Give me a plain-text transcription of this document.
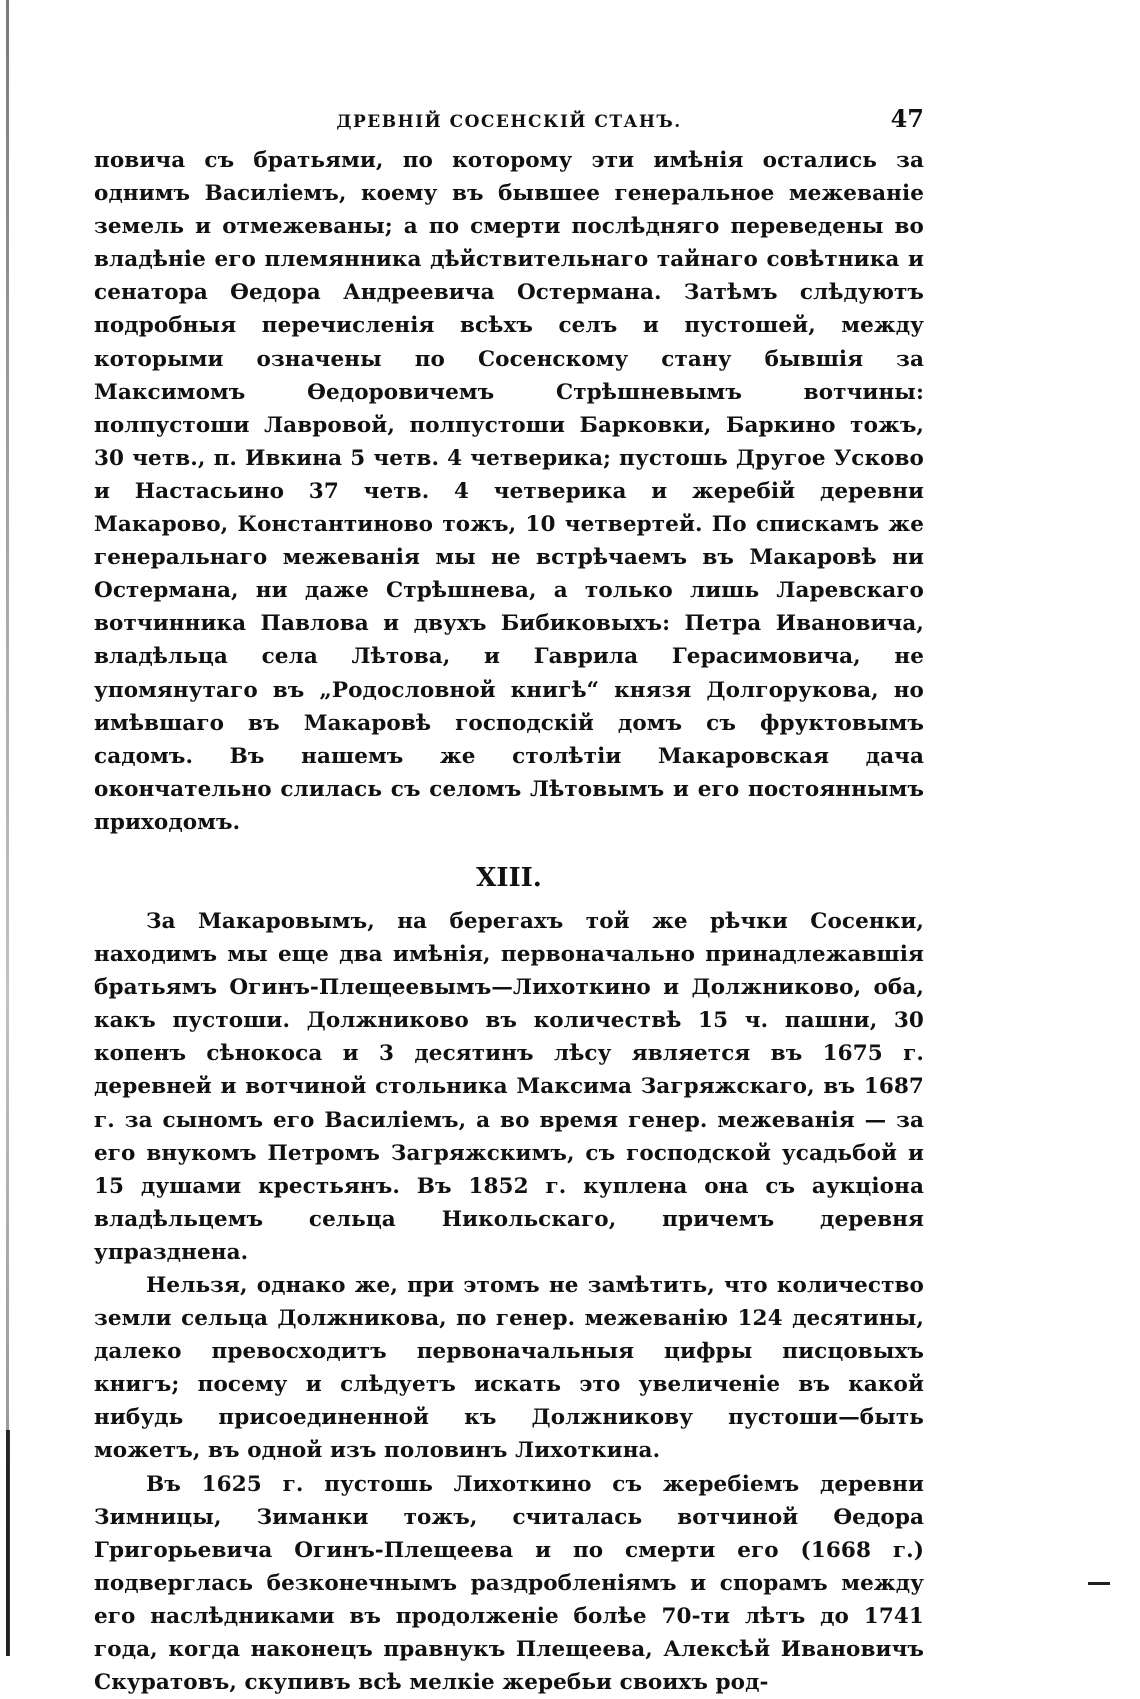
ДРЕВНІЙ СОСЕНСКІЙ СТАНЪ.	47

повича съ братьями, по которому эти имѣнія остались за однимъ Василіемъ, коему въ бывшее генеральное межеваніе земель и отмежеваны; а по смерти послѣдняго переведены во владѣніе его племянника дѣйствительнаго тайнаго совѣтника и сенатора Ѳедора Андреевича Остермана. Затѣмъ слѣдуютъ подробныя перечисленія всѣхъ селъ и пустошей, между которыми означены по Сосенскому стану бывшія за Максимомъ Ѳедоровичемъ Стрѣшневымъ вотчины: полпустоши Лавровой, полпустоши Барковки, Баркино тожъ, 30 четв., п. Ивкина 5 четв. 4 четверика; пустошь Другое Усково и Настасьино 37 четв. 4 четверика и жеребій деревни Макарово, Константиново тожъ, 10 четвертей. По спискамъ же генеральнаго межеванія мы не встрѣчаемъ въ Макаровѣ ни Остермана, ни даже Стрѣшнева, а только лишь Ларевскаго вотчинника Павлова и двухъ Бибиковыхъ: Петра Ивановича, владѣльца села Лѣтова, и Гаврила Герасимовича, не упомянутаго въ „Родословной книгѣ“ князя Долгорукова, но имѣвшаго въ Макаровѣ господскій домъ съ фруктовымъ садомъ. Въ нашемъ же столѣтіи Макаровская дача окончательно слилась съ селомъ Лѣтовымъ и его постояннымъ приходомъ.

XIII.

За Макаровымъ, на берегахъ той же рѣчки Сосенки, находимъ мы еще два имѣнія, первоначально принадлежавшія братьямъ Огинъ-Плещеевымъ—Лихоткино и Должниково, оба, какъ пустоши. Должниково въ количествѣ 15 ч. пашни, 30 копенъ сѣнокоса и 3 десятинъ лѣсу является въ 1675 г. деревней и вотчиной стольника Максима Загряжскаго, въ 1687 г. за сыномъ его Василіемъ, а во время генер. межеванія — за его внукомъ Петромъ Загряжскимъ, съ господской усадьбой и 15 душами крестьянъ. Въ 1852 г. куплена она съ аукціона владѣльцемъ сельца Никольскаго, причемъ деревня упразднена.

Нельзя, однако же, при этомъ не замѣтить, что количество земли сельца Должникова, по генер. межеванію 124 десятины, далеко превосходитъ первоначальныя цифры писцовыхъ книгъ; посему и слѣдуетъ искать это увеличеніе въ какой нибудь присоединенной къ Должникову пустоши—быть можетъ, въ одной изъ половинъ Лихоткина.

Въ 1625 г. пустошь Лихоткино съ жеребіемъ деревни Зимницы, Зиманки тожъ, считалась вотчиной Ѳедора Григорьевича Огинъ-Плещеева и по смерти его (1668 г.) подверглась безконечнымъ раздробленіямъ и спорамъ между его наслѣдниками въ продолженіе болѣе 70-ти лѣтъ до 1741 года, когда наконецъ правнукъ Плещеева, Алексѣй Ивановичъ Скуратовъ, скупивъ всѣ мелкіе жеребьи своихъ род-
